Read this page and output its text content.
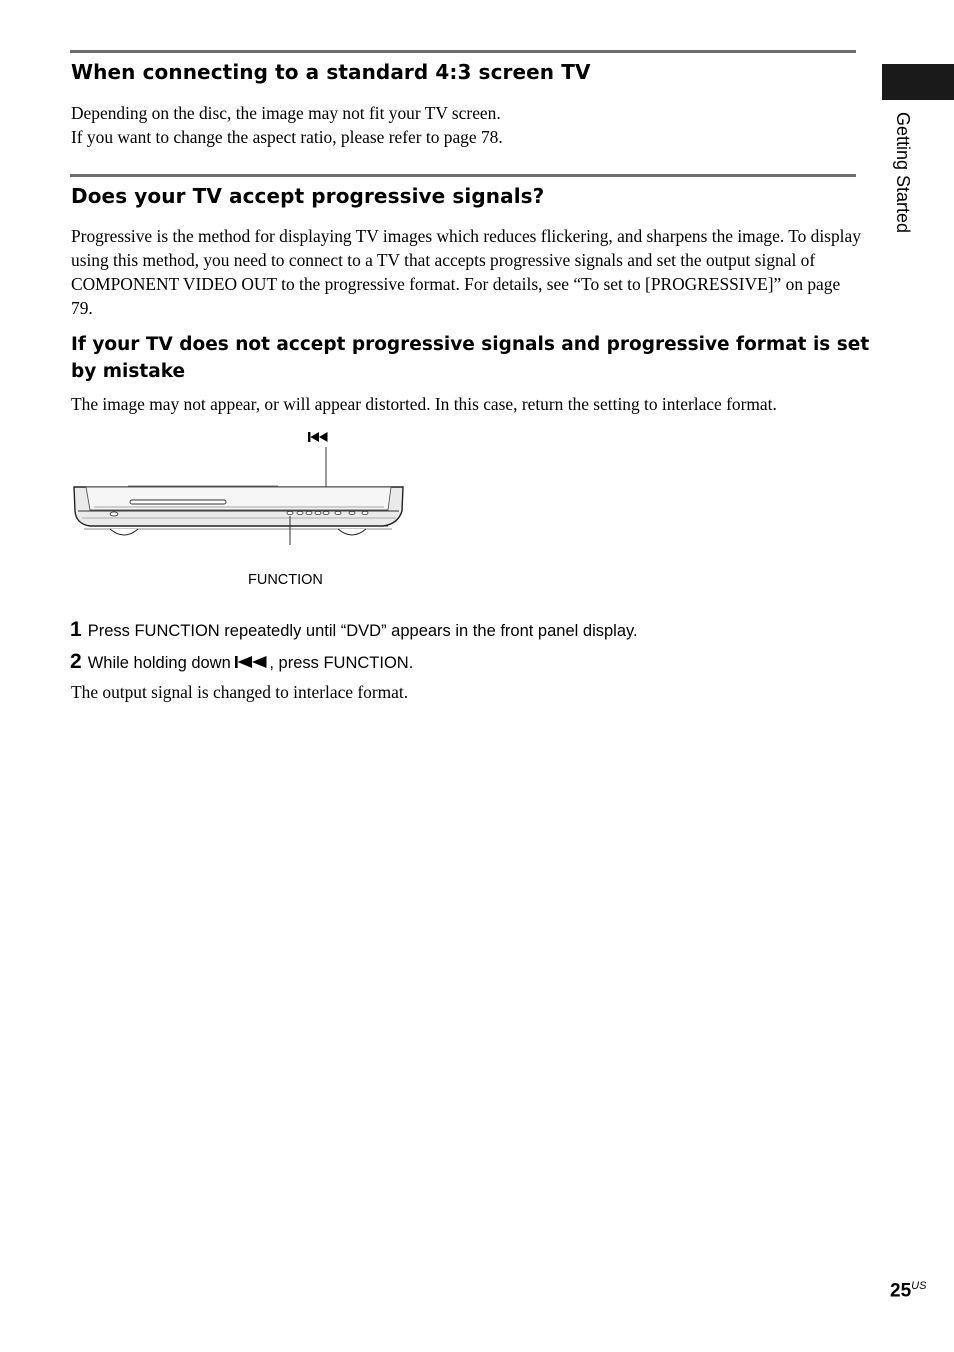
When connecting to a standard 4:3 screen TV

Depending on the disc, the image may not fit your TV screen.

If you want to change the aspect ratio, please refer to page 78.

Does your TV accept progressive signals?

Progressive is the method for displaying TV images which reduces flickering, and sharpens the image. To display using this method, you need to connect to a TV that accepts progressive signals and set the output signal of COMPONENT VIDEO OUT to the progressive format. For details, see “To set to [PROGRESSIVE]” on page 79.

If your TV does not accept progressive signals and progressive format is set by mistake

The image may not appear, or will appear distorted. In this case, return the setting to interlace format.

FUNCTION
1 Press FUNCTION repeatedly until “DVD” appears in the front panel display.
2 While holding down , press FUNCTION.

The output signal is changed to interlace format.

Getting Started
$25^{US}$
